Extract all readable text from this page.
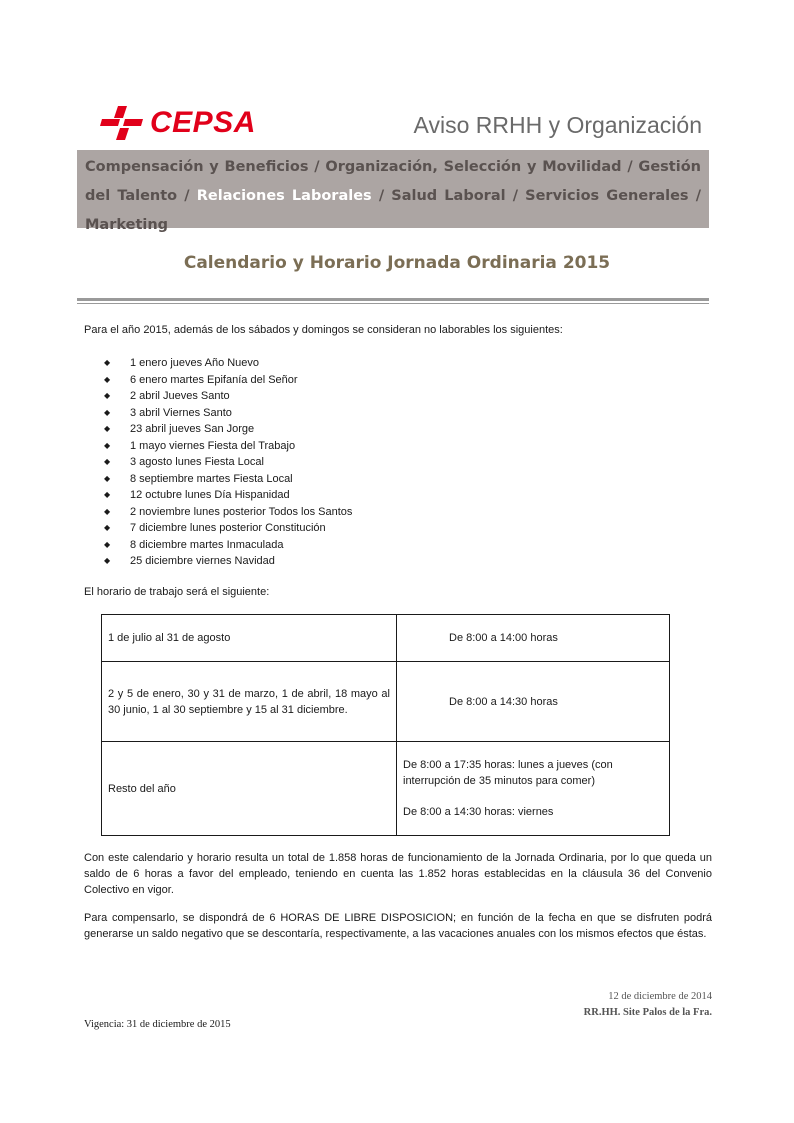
CEPSA	Aviso RRHH y Organización
Compensación y Beneficios / Organización, Selección y Movilidad / Gestión del Talento / Relaciones Laborales / Salud Laboral / Servicios Generales / Marketing
Calendario y Horario Jornada Ordinaria 2015
Para el año 2015, además de los sábados y domingos se consideran no laborables los siguientes:
◆	1 enero jueves Año Nuevo
◆	6 enero martes Epifanía del Señor
◆	2 abril Jueves Santo
◆	3 abril Viernes Santo
◆	23 abril jueves San Jorge
◆	1 mayo viernes Fiesta del Trabajo
◆	3 agosto lunes Fiesta Local
◆	8 septiembre martes Fiesta Local
◆	12 octubre lunes Día Hispanidad
◆	2 noviembre lunes posterior Todos los Santos
◆	7 diciembre lunes posterior Constitución
◆	8 diciembre martes Inmaculada
◆	25 diciembre viernes Navidad
El horario de trabajo será el siguiente:
1 de julio al 31 de agosto	De 8:00 a 14:00 horas

2 y 5 de enero, 30 y 31 de marzo, 1 de abril, 18 mayo al 30 junio, 1 al 30 septiembre y 15 al 31 diciembre.	De 8:00 a 14:30 horas

Resto del año	De 8:00 a 17:35 horas: lunes a jueves (con interrupción de 35 minutos para comer)

De 8:00 a 14:30 horas: viernes

Con este calendario y horario resulta un total de 1.858 horas de funcionamiento de la Jornada Ordinaria, por lo que queda un saldo de 6 horas a favor del empleado, teniendo en cuenta las 1.852 horas establecidas en la cláusula 36 del Convenio Colectivo en vigor.
Para compensarlo, se dispondrá de 6 HORAS DE LIBRE DISPOSICION; en función de la fecha en que se disfruten podrá generarse un saldo negativo que se descontaría, respectivamente, a las vacaciones anuales con los mismos efectos que éstas.
12 de diciembre de 2014
RR.HH. Site Palos de la Fra.
Vigencia: 31 de diciembre de 2015
